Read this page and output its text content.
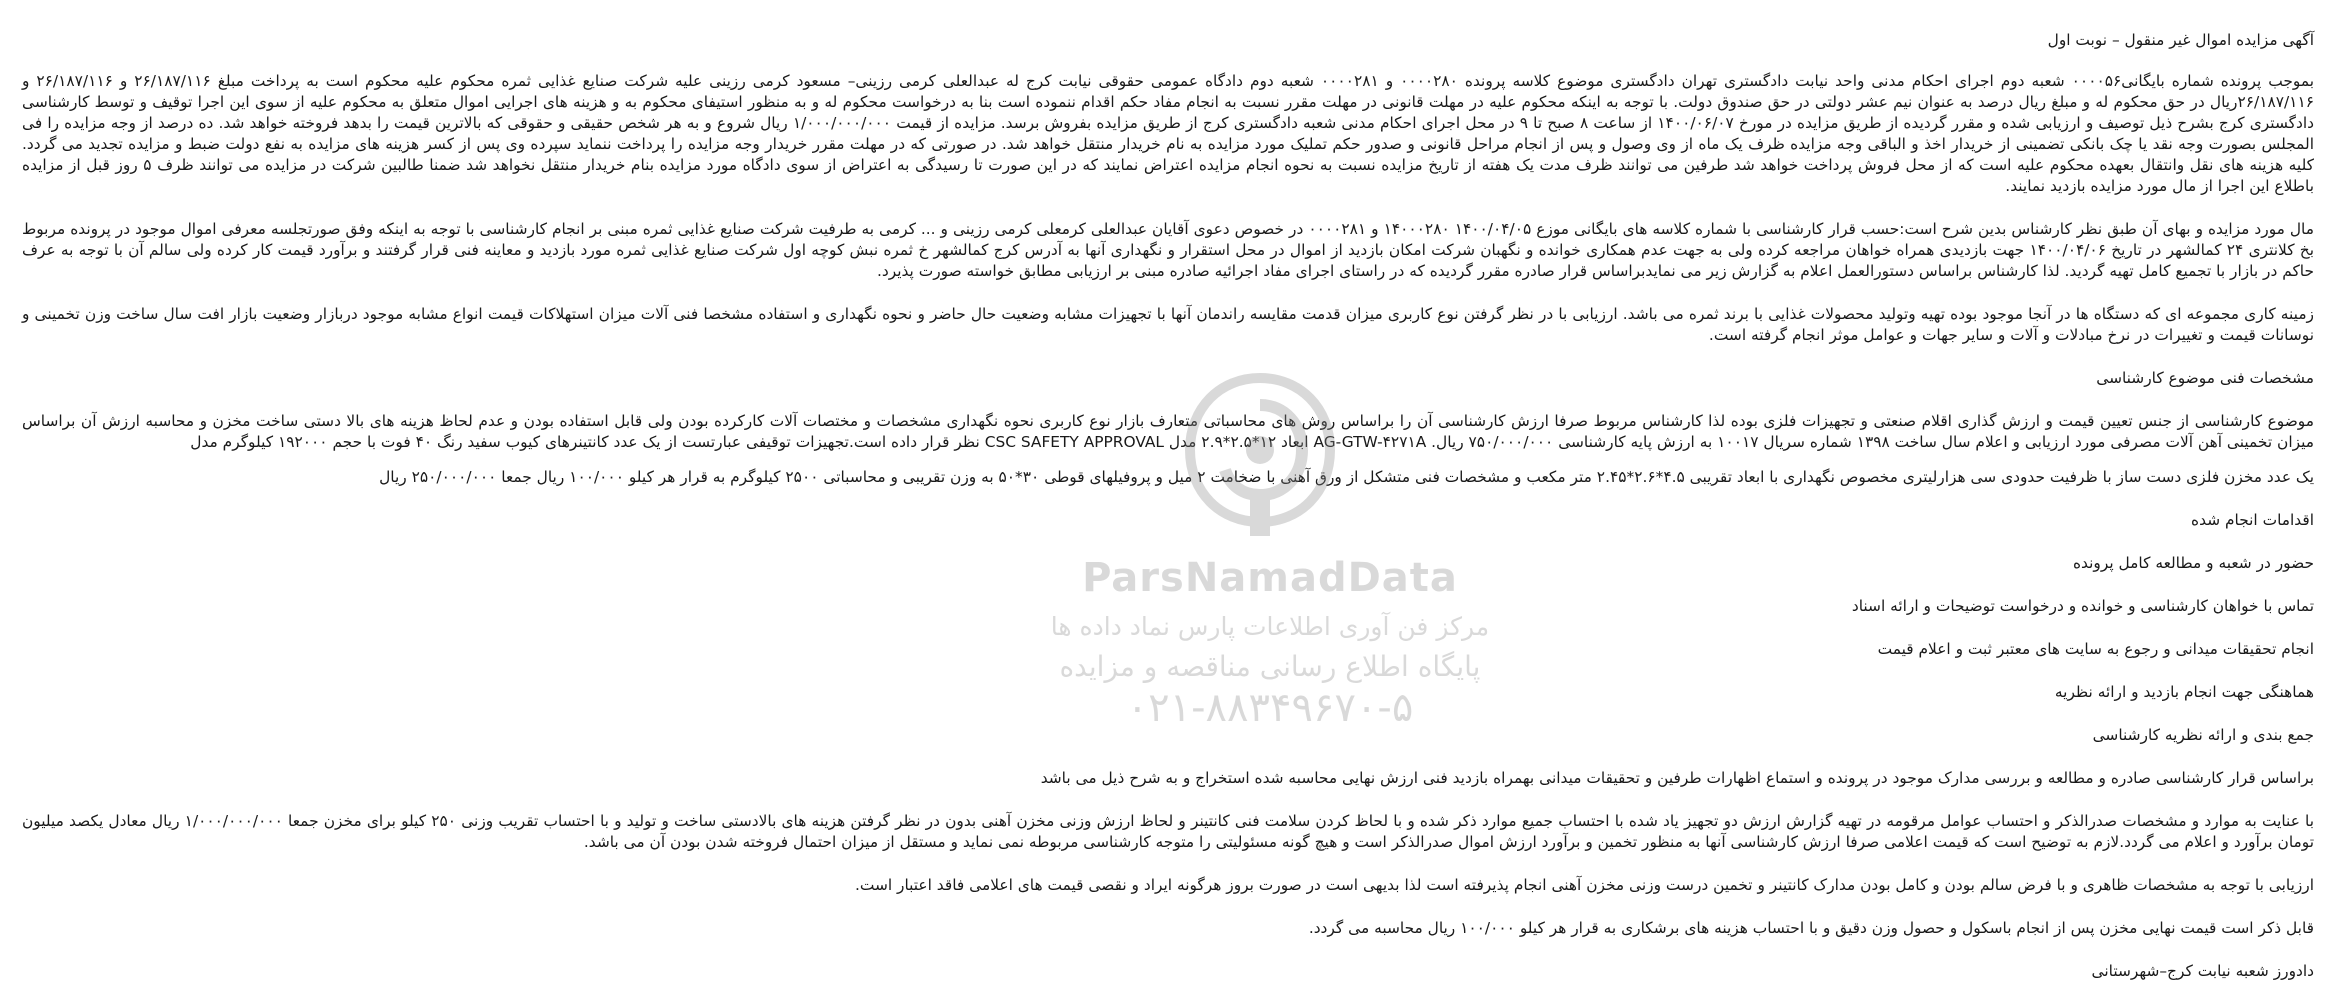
آگهی مزایده اموال غیر منقول – نوبت اول

بموجب پرونده شماره بایگانی۰۰۰۰۵۶ شعبه دوم اجرای احکام مدنی واحد نیابت دادگستری تهران دادگستری موضوع کلاسه پرونده ۰۰۰۰۲۸۰ و ۰۰۰۰۲۸۱ شعبه دوم دادگاه عمومی حقوقی نیابت کرج له عبدالعلی کرمی رزینی– مسعود کرمی رزینی علیه شرکت صنایع غذایی ثمره محکوم علیه محکوم است به پرداخت مبلغ ۲۶/۱۸۷/۱۱۶ و ۲۶/۱۸۷/۱۱۶ و ۲۶/۱۸۷/۱۱۶ریال در حق محکوم له و مبلغ ریال درصد به عنوان نیم عشر دولتی در حق صندوق دولت. با توجه به اینکه محکوم علیه در مهلت قانونی در مهلت مقرر نسبت به انجام مفاد حکم اقدام ننموده است بنا به درخواست محکوم له و به منظور استیفای محکوم به و هزینه های اجرایی اموال متعلق به محکوم علیه از سوی این اجرا توقیف و توسط کارشناسی دادگستری کرج بشرح ذیل توصیف و ارزیابی شده و مقرر گردیده از طریق مزایده در مورخ ۱۴۰۰/۰۶/۰۷ از ساعت ۸ صبح تا ۹ در محل اجرای احکام مدنی شعبه دادگستری کرج از طریق مزایده بفروش برسد. مزایده از قیمت ۱/۰۰۰/۰۰۰/۰۰۰ ریال شروع و به هر شخص حقیقی و حقوقی که بالاترین قیمت را بدهد فروخته خواهد شد. ده درصد از وجه مزایده را فی المجلس بصورت وجه نقد یا چک بانکی تضمینی از خریدار اخذ و الباقی وجه مزایده ظرف یک ماه از وی وصول و پس از انجام مراحل قانونی و صدور حکم تملیک مورد مزایده به نام خریدار منتقل خواهد شد. در صورتی که در مهلت مقرر خریدار وجه مزایده را پرداخت ننماید سپرده وی پس از کسر هزینه های مزایده به نفع دولت ضبط و مزایده تجدید می گردد. کلیه هزینه های نقل وانتقال بعهده محکوم علیه است که از محل فروش پرداخت خواهد شد طرفین می توانند ظرف مدت یک هفته از تاریخ مزایده نسبت به نحوه انجام مزایده اعتراض نمایند که در این صورت تا رسیدگی به اعتراض از سوی دادگاه مورد مزایده بنام خریدار منتقل نخواهد شد ضمنا طالبین شرکت در مزایده می توانند ظرف ۵ روز قبل از مزایده باطلاع این اجرا از مال مورد مزایده بازدید نمایند.

مال مورد مزایده و بهای آن طبق نظر کارشناس بدین شرح است:حسب قرار کارشناسی با شماره کلاسه های بایگانی موزع ۱۴۰۰/۰۴/۰۵ ۱۴۰۰۰۲۸۰ و ۰۰۰۰۲۸۱ در خصوص دعوی آقایان عبدالعلی کرمعلی کرمی رزینی و ... کرمی به طرفیت شرکت صنایع غذایی ثمره مبنی بر انجام کارشناسی با توجه به اینکه وفق صورتجلسه معرفی اموال موجود در پرونده مربوط بخ کلانتری ۲۴ کمالشهر در تاریخ ۱۴۰۰/۰۴/۰۶ جهت بازدیدی همراه خواهان مراجعه کرده ولی به جهت عدم همکاری خوانده و نگهبان شرکت امکان بازدید از اموال در محل استقرار و نگهداری آنها به آدرس کرج کمالشهر خ ثمره نبش کوچه اول شرکت صنایع غذایی ثمره مورد بازدید و معاینه فنی قرار گرفتند و برآورد قیمت کار کرده ولی سالم آن با توجه به عرف حاکم در بازار با تجمیع کامل تهیه گردید. لذا کارشناس براساس دستورالعمل اعلام به گزارش زیر می نمایدبراساس قرار صادره مقرر گردیده که در راستای اجرای مفاد اجرائیه صادره مبنی بر ارزیابی مطابق خواسته صورت پذیرد.

زمینه کاری مجموعه ای که دستگاه ها در آنجا موجود بوده تهیه وتولید محصولات غذایی با برند ثمره می باشد. ارزیابی با در نظر گرفتن نوع کاربری میزان قدمت مقایسه راندمان آنها با تجهیزات مشابه وضعیت حال حاضر و نحوه نگهداری و استفاده مشخصا فنی آلات میزان استهلاکات قیمت انواع مشابه موجود دربازار وضعیت بازار افت سال ساخت وزن تخمینی و نوسانات قیمت و تغییرات در نرخ مبادلات و آلات و سایر جهات و عوامل موثر انجام گرفته است.

مشخصات فنی موضوع کارشناسی

موضوع کارشناسی از جنس تعیین قیمت و ارزش گذاری اقلام صنعتی و تجهیزات فلزی بوده لذا کارشناس مربوط صرفا ارزش کارشناسی آن را براساس روش های محاسباتی متعارف بازار نوع کاربری نحوه نگهداری مشخصات و مختصات آلات کارکرده بودن ولی قابل استفاده بودن و عدم لحاظ هزینه های بالا دستی ساخت مخزن و محاسبه ارزش آن براساس میزان تخمینی آهن آلات مصرفی مورد ارزیابی و اعلام سال ساخت ۱۳۹۸ شماره سریال ۱۰۰۱۷ به ارزش پایه کارشناسی ۷۵۰/۰۰۰/۰۰۰ ریال. AG-GTW-۴۲۷۱A ابعاد ۱۲*۲.۵*۲.۹ مدل CSC SAFETY APPROVAL نظر قرار داده است.تجهیزات توقیفی عبارتست از یک عدد کانتینرهای کیوب سفید رنگ ۴۰ فوت با حجم ۱۹۲۰۰۰ کیلوگرم مدل

یک عدد مخزن فلزی دست ساز با ظرفیت حدودی سی هزارلیتری مخصوص نگهداری با ابعاد تقریبی ۴.۵*۲.۶*۲.۴۵ متر مکعب و مشخصات فنی متشکل از ورق آهنی با ضخامت ۲ میل و پروفیلهای قوطی ۳۰*۵۰ به وزن تقریبی و محاسباتی ۲۵۰۰ کیلوگرم به قرار هر کیلو ۱۰۰/۰۰۰ ریال جمعا ۲۵۰/۰۰۰/۰۰۰ ریال

اقدامات انجام شده

حضور در شعبه و مطالعه کامل پرونده

تماس با خواهان کارشناسی و خوانده و درخواست توضیحات و ارائه اسناد

انجام تحقیقات میدانی و رجوع به سایت های معتبر ثبت و اعلام قیمت

هماهنگی جهت انجام بازدید و ارائه نظریه

جمع بندی و ارائه نظریه کارشناسی

براساس قرار کارشناسی صادره و مطالعه و بررسی مدارک موجود در پرونده و استماع اظهارات طرفین و تحقیقات میدانی بهمراه بازدید فنی ارزش نهایی محاسبه شده استخراج و به شرح ذیل می باشد

با عنایت به موارد و مشخصات صدرالذکر و احتساب عوامل مرقومه در تهیه گزارش ارزش دو تجهیز یاد شده با احتساب جمیع موارد ذکر شده و با لحاظ کردن سلامت فنی کانتینر و لحاظ ارزش وزنی مخزن آهنی بدون در نظر گرفتن هزینه های بالادستی ساخت و تولید و با احتساب تقریب وزنی ۲۵۰ کیلو برای مخزن جمعا ۱/۰۰۰/۰۰۰/۰۰۰ ریال معادل یکصد میلیون تومان برآورد و اعلام می گردد.لازم به توضیح است که قیمت اعلامی صرفا ارزش کارشناسی آنها به منظور تخمین و برآورد ارزش اموال صدرالذکر است و هیچ گونه مسئولیتی را متوجه کارشناسی مربوطه نمی نماید و مستقل از میزان احتمال فروخته شدن بودن آن می باشد.

ارزیابی با توجه به مشخصات ظاهری و با فرض سالم بودن و کامل بودن مدارک کانتینر و تخمین درست وزنی مخزن آهنی انجام پذیرفته است لذا بدیهی است در صورت بروز هرگونه ایراد و نقصی قیمت های اعلامی فاقد اعتبار است.

قابل ذکر است قیمت نهایی مخزن پس از انجام باسکول و حصول وزن دقیق و با احتساب هزینه های برشکاری به قرار هر کیلو ۱۰۰/۰۰۰ ریال محاسبه می گردد.

دادورز شعبه نیابت کرج–شهرستانی

ParsNamadData
مرکز فن آوری اطلاعات پارس نماد داده ها
پایگاه اطلاع رسانی مناقصه و مزایده
۰۲۱-۸۸۳۴۹۶۷۰-۵
